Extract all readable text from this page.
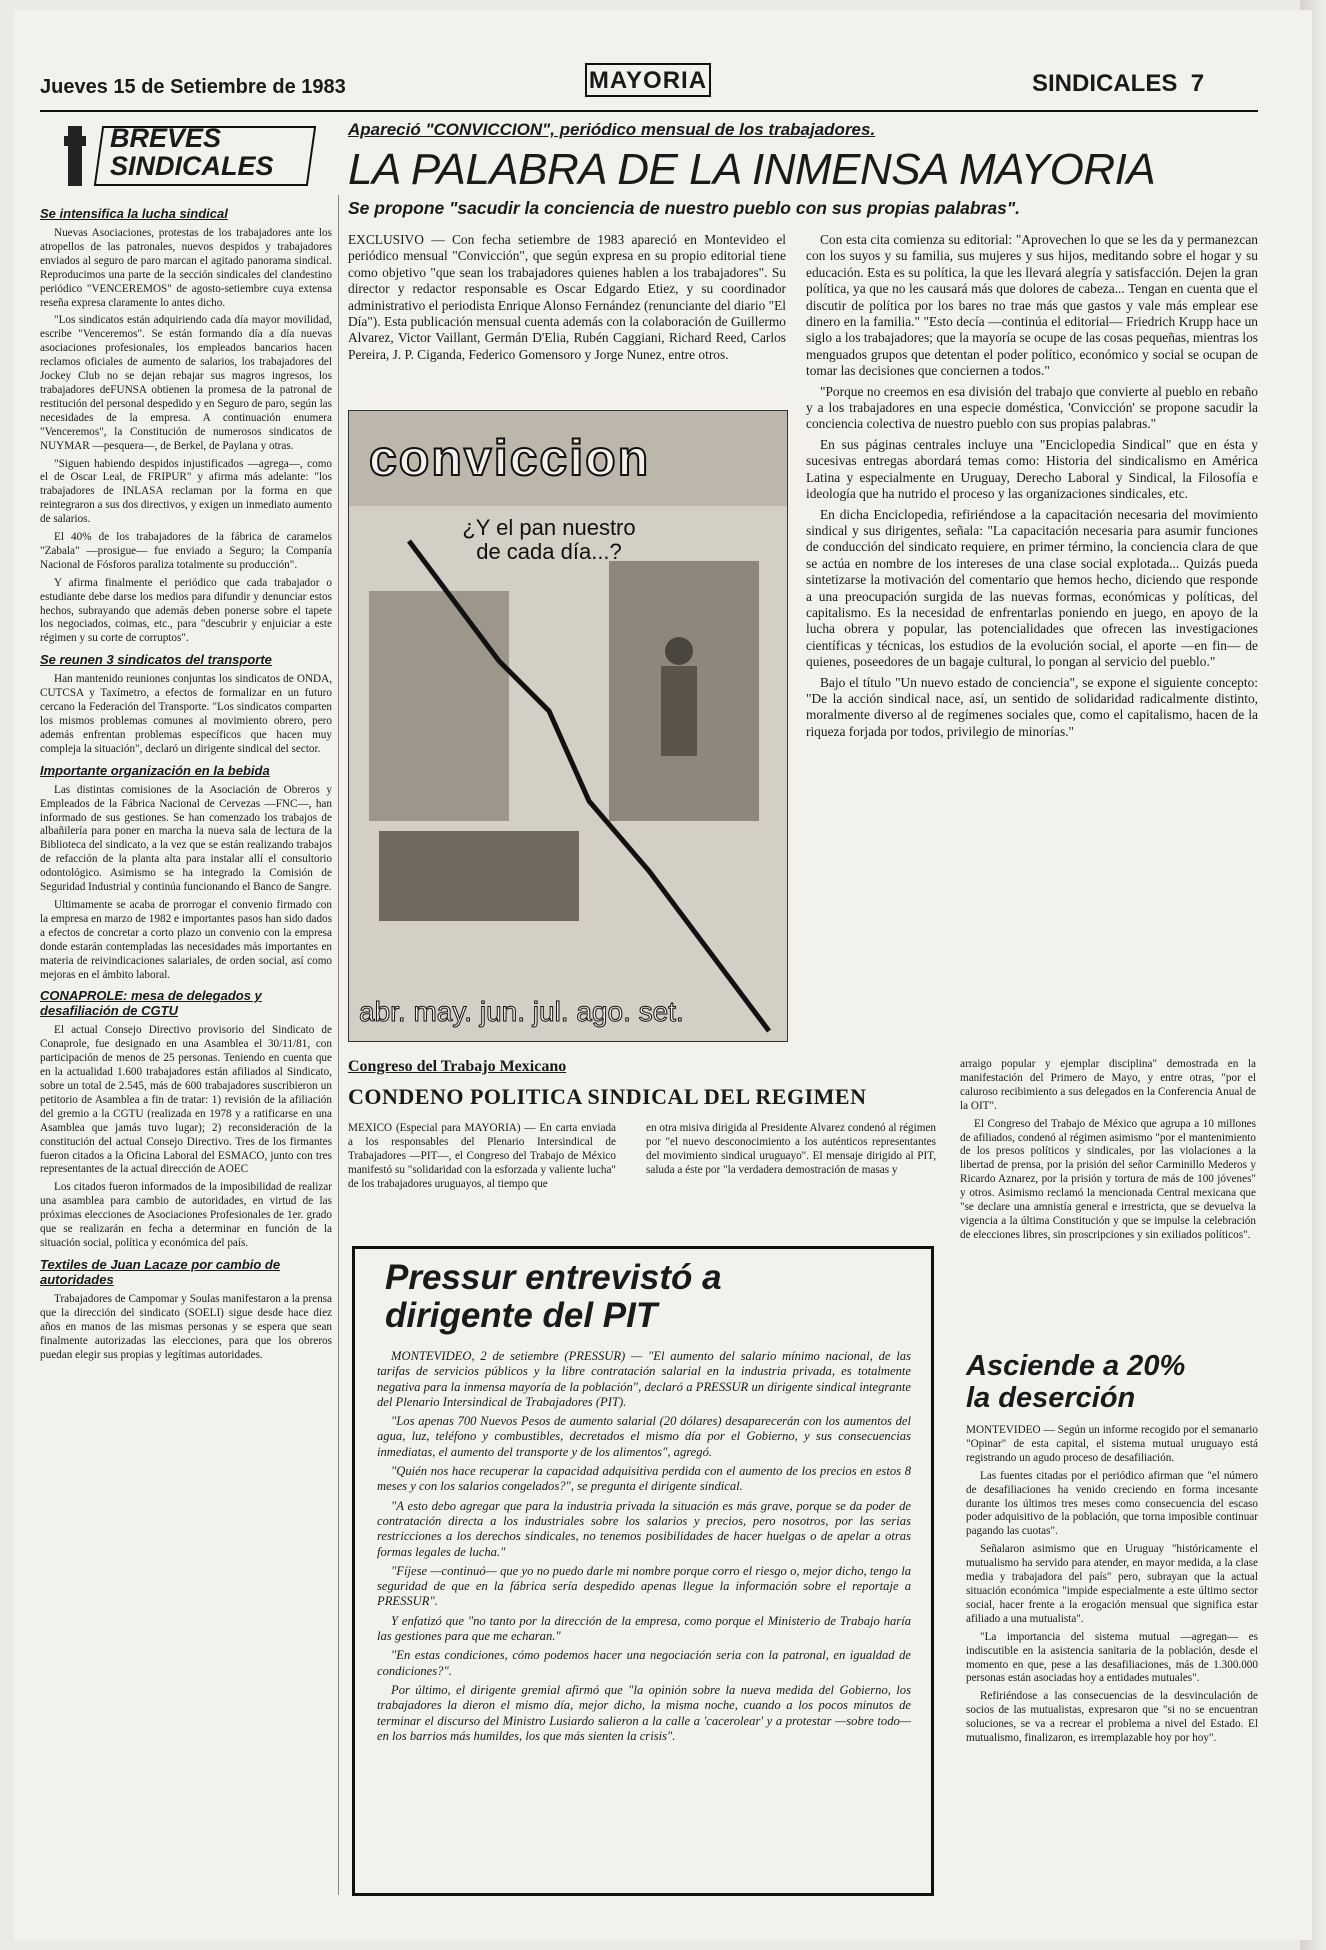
Jueves 15 de Setiembre de 1983	MAYORIA	SINDICALES 7
BREVES
SINDICALES
Se intensifica la lucha sindical

Nuevas Asociaciones, protestas de los trabajadores ante los atropellos de las patronales, nuevos despidos y trabajadores enviados al seguro de paro marcan el agitado panorama sindical. Reproducimos una parte de la sección sindicales del clandestino periódico "VENCEREMOS" de agosto-setiembre cuya extensa reseña expresa claramente lo antes dicho.

"Los sindicatos están adquiriendo cada día mayor movilidad, escribe "Venceremos". Se están formando día a día nuevas asociaciones profesionales, los empleados bancarios hacen reclamos oficiales de aumento de salarios, los trabajadores del Jockey Club no se dejan rebajar sus magros ingresos, los trabajadores deFUNSA obtienen la promesa de la patronal de restitución del personal despedido y en Seguro de paro, según las necesidades de la empresa. A continuación enumera "Venceremos", la Constitución de numerosos sindicatos de NUYMAR —pesquera—, de Berkel, de Paylana y otras.

"Siguen habiendo despidos injustificados —agrega—, como el de Oscar Leal, de FRIPUR" y afirma más adelante: "los trabajadores de INLASA reclaman por la forma en que reintegraron a sus dos directivos, y exigen un inmediato aumento de salarios.

El 40% de los trabajadores de la fábrica de caramelos "Zabala" —prosigue— fue enviado a Seguro; la Companía Nacional de Fósforos paraliza totalmente su producción".

Y afirma finalmente el periódico que cada trabajador o estudiante debe darse los medios para difundir y denunciar estos hechos, subrayando que además deben ponerse sobre el tapete los negociados, coimas, etc., para "descubrir y enjuiciar a este régimen y su corte de corruptos".

Se reunen 3 sindicatos del transporte

Han mantenido reuniones conjuntas los sindicatos de ONDA, CUTCSA y Taxímetro, a efectos de formalizar en un futuro cercano la Federación del Transporte. "Los sindicatos comparten los mismos problemas comunes al movimiento obrero, pero además enfrentan problemas específicos que hacen muy compleja la situación", declaró un dirigente sindical del sector.

Importante organización en la bebida

Las distintas comisiones de la Asociación de Obreros y Empleados de la Fábrica Nacional de Cervezas —FNC—, han informado de sus gestiones. Se han comenzado los trabajos de albañilería para poner en marcha la nueva sala de lectura de la Biblioteca del sindicato, a la vez que se están realizando trabajos de refacción de la planta alta para instalar allí el consultorio odontológico. Asimismo se ha integrado la Comisión de Seguridad Industrial y continúa funcionando el Banco de Sangre.

Ultimamente se acaba de prorrogar el convenio firmado con la empresa en marzo de 1982 e importantes pasos han sido dados a efectos de concretar a corto plazo un convenio con la empresa donde estarán contempladas las necesidades más importantes en materia de reivindicaciones salariales, de orden social, así como mejoras en el ámbito laboral.

CONAPROLE: mesa de delegados y desafiliación de CGTU

El actual Consejo Directivo provisorio del Sindicato de Conaprole, fue designado en una Asamblea el 30/11/81, con participación de menos de 25 personas. Teniendo en cuenta que en la actualidad 1.600 trabajadores están afiliados al Sindicato, sobre un total de 2.545, más de 600 trabajadores suscribieron un petitorio de Asamblea a fin de tratar: 1) revisión de la afiliación del gremio a la CGTU (realizada en 1978 y a ratificarse en una Asamblea que jamás tuvo lugar); 2) reconsideración de la constitución del actual Consejo Directivo. Tres de los firmantes fueron citados a la Oficina Laboral del ESMACO, junto con tres representantes de la actual dirección de AOEC

Los citados fueron informados de la imposibilidad de realizar una asamblea para cambio de autoridades, en virtud de las próximas elecciones de Asociaciones Profesionales de 1er. grado que se realizarán en fecha a determinar en función de la situación social, política y económica del país.

Textiles de Juan Lacaze por cambio de autoridades

Trabajadores de Campomar y Soulas manifestaron a la prensa que la dirección del sindicato (SOELI) sigue desde hace diez años en manos de las mismas personas y se espera que sean finalmente autorizadas las elecciones, para que los obreros puedan elegir sus propias y legítimas autoridades.

Apareció "CONVICCION", periódico mensual de los trabajadores.
LA PALABRA DE LA INMENSA MAYORIA
Se propone "sacudir la conciencia de nuestro pueblo con sus propias palabras".

EXCLUSIVO — Con fecha setiembre de 1983 apareció en Montevideo el periódico mensual "Convicción", que según expresa en su propio editorial tiene como objetivo "que sean los trabajadores quienes hablen a los trabajadores". Su director y redactor responsable es Oscar Edgardo Etiez, y su coordinador administrativo el periodista Enrique Alonso Fernández (renunciante del diario "El Día"). Esta publicación mensual cuenta además con la colaboración de Guillermo Alvarez, Victor Vaillant, Germán D'Elia, Rubén Caggiani, Richard Reed, Carlos Pereira, J. P. Ciganda, Federico Gomensoro y Jorge Nunez, entre otros.

conviccion
¿Y el pan nuestro de cada día...?
abr. may. jun. jul. ago. set.

Con esta cita comienza su editorial: "Aprovechen lo que se les da y permanezcan con los suyos y su familia, sus mujeres y sus hijos, meditando sobre el hogar y su educación. Esta es su política, la que les llevará alegría y satisfacción. Dejen la gran política, ya que no les causará más que dolores de cabeza... Tengan en cuenta que el discutir de política por los bares no trae más que gastos y vale más emplear ese dinero en la familia." "Esto decía —continúa el editorial— Friedrich Krupp hace un siglo a los trabajadores; que la mayoría se ocupe de las cosas pequeñas, mientras los menguados grupos que detentan el poder político, económico y social se ocupan de tomar las decisiones que conciernen a todos."

"Porque no creemos en esa división del trabajo que convierte al pueblo en rebaño y a los trabajadores en una especie doméstica, 'Convicción' se propone sacudir la conciencia colectiva de nuestro pueblo con sus propias palabras."

En sus páginas centrales incluye una "Enciclopedia Sindical" que en ésta y sucesivas entregas abordará temas como: Historia del sindicalismo en América Latina y especialmente en Uruguay, Derecho Laboral y Sindical, la Filosofía e ideología que ha nutrido el proceso y las organizaciones sindicales, etc.

En dicha Enciclopedia, refiriéndose a la capacitación necesaria del movimiento sindical y sus dirigentes, señala: "La capacitación necesaria para asumir funciones de conducción del sindicato requiere, en primer término, la conciencia clara de que se actúa en nombre de los intereses de una clase social explotada... Quizás pueda sintetizarse la motivación del comentario que hemos hecho, diciendo que responde a una preocupación surgida de las nuevas formas, económicas y políticas, del capitalismo. Es la necesidad de enfrentarlas poniendo en juego, en apoyo de la lucha obrera y popular, las potencialidades que ofrecen las investigaciones científicas y técnicas, los estudios de la evolución social, el aporte —en fin— de quienes, poseedores de un bagaje cultural, lo pongan al servicio del pueblo."

Bajo el título "Un nuevo estado de conciencia", se expone el siguiente concepto: "De la acción sindical nace, así, un sentido de solidaridad radicalmente distinto, moralmente diverso al de regímenes sociales que, como el capitalismo, hacen de la riqueza forjada por todos, privilegio de minorías."

Congreso del Trabajo Mexicano
CONDENO POLITICA SINDICAL DEL REGIMEN

MEXICO (Especial para MAYORIA) — En carta enviada a los responsables del Plenario Intersindical de Trabajadores —PIT—, el Congreso del Trabajo de México manifestó su "solidaridad con la esforzada y valiente lucha" de los trabajadores uruguayos, al tiempo que

en otra misiva dirigida al Presidente Alvarez condenó al régimen por "el nuevo desconocimiento a los auténticos representantes del movimiento sindical uruguayo". El mensaje dirigido al PIT, saluda a éste por "la verdadera demostración de masas y

arraigo popular y ejemplar disciplina" demostrada en la manifestación del Primero de Mayo, y entre otras, "por el caluroso recibimiento a sus delegados en la Conferencia Anual de la OIT".

El Congreso del Trabajo de México que agrupa a 10 millones de afiliados, condenó al régimen asimismo "por el mantenimiento de los presos políticos y sindicales, por las violaciones a la libertad de prensa, por la prisión del señor Carminillo Mederos y Ricardo Aznarez, por la prisión y tortura de más de 100 jóvenes" y otros. Asimismo reclamó la mencionada Central mexicana que "se declare una amnistía general e irrestricta, que se devuelva la vigencia a la última Constitución y que se impulse la celebración de elecciones libres, sin proscripciones y sin exiliados políticos".

Pressur entrevistó a
dirigente del PIT

MONTEVIDEO, 2 de setiembre (PRESSUR) — "El aumento del salario mínimo nacional, de las tarifas de servicios públicos y la libre contratación salarial en la industria privada, es totalmente negativa para la inmensa mayoría de la población", declaró a PRESSUR un dirigente sindical integrante del Plenario Intersindical de Trabajadores (PIT).

"Los apenas 700 Nuevos Pesos de aumento salarial (20 dólares) desaparecerán con los aumentos del agua, luz, teléfono y combustibles, decretados el mismo día por el Gobierno, y sus consecuencias inmediatas, el aumento del transporte y de los alimentos", agregó.

"Quién nos hace recuperar la capacidad adquisitiva perdida con el aumento de los precios en estos 8 meses y con los salarios congelados?", se pregunta el dirigente sindical.

"A esto debo agregar que para la industria privada la situación es más grave, porque se da poder de contratación directa a los industriales sobre los salarios y precios, pero nosotros, por las serias restricciones a los derechos sindicales, no tenemos posibilidades de hacer huelgas o de apelar a otras formas legales de lucha."

"Fíjese —continuó— que yo no puedo darle mi nombre porque corro el riesgo o, mejor dicho, tengo la seguridad de que en la fábrica sería despedido apenas llegue la información sobre el reportaje a PRESSUR".

Y enfatizó que "no tanto por la dirección de la empresa, como porque el Ministerio de Trabajo haría las gestiones para que me echaran."

"En estas condiciones, cómo podemos hacer una negociación seria con la patronal, en igualdad de condiciones?".

Por último, el dirigente gremial afirmó que "la opinión sobre la nueva medida del Gobierno, los trabajadores la dieron el mismo día, mejor dicho, la misma noche, cuando a los pocos minutos de terminar el discurso del Ministro Lusiardo salieron a la calle a 'cacerolear' y a protestar —sobre todo— en los barrios más humildes, los que más sienten la crisis".

Asciende a 20%
la deserción

MONTEVIDEO — Según un informe recogido por el semanario "Opinar" de esta capital, el sistema mutual uruguayo está registrando un agudo proceso de desafiliación.

Las fuentes citadas por el periódico afirman que "el número de desafiliaciones ha venido creciendo en forma incesante durante los últimos tres meses como consecuencia del escaso poder adquisitivo de la población, que torna imposible continuar pagando las cuotas".

Señalaron asimismo que en Uruguay "históricamente el mutualismo ha servido para atender, en mayor medida, a la clase media y trabajadora del país" pero, subrayan que la actual situación económica "impide especialmente a este último sector social, hacer frente a la erogación mensual que significa estar afiliado a una mutualista".

"La importancia del sistema mutual —agregan— es indiscutible en la asistencia sanitaria de la población, desde el momento en que, pese a las desafiliaciones, más de 1.300.000 personas están asociadas hoy a entidades mutuales".

Refiriéndose a las consecuencias de la desvinculación de socios de las mutualistas, expresaron que "si no se encuentran soluciones, se va a recrear el problema a nivel del Estado. El mutualismo, finalizaron, es irremplazable hoy por hoy".
